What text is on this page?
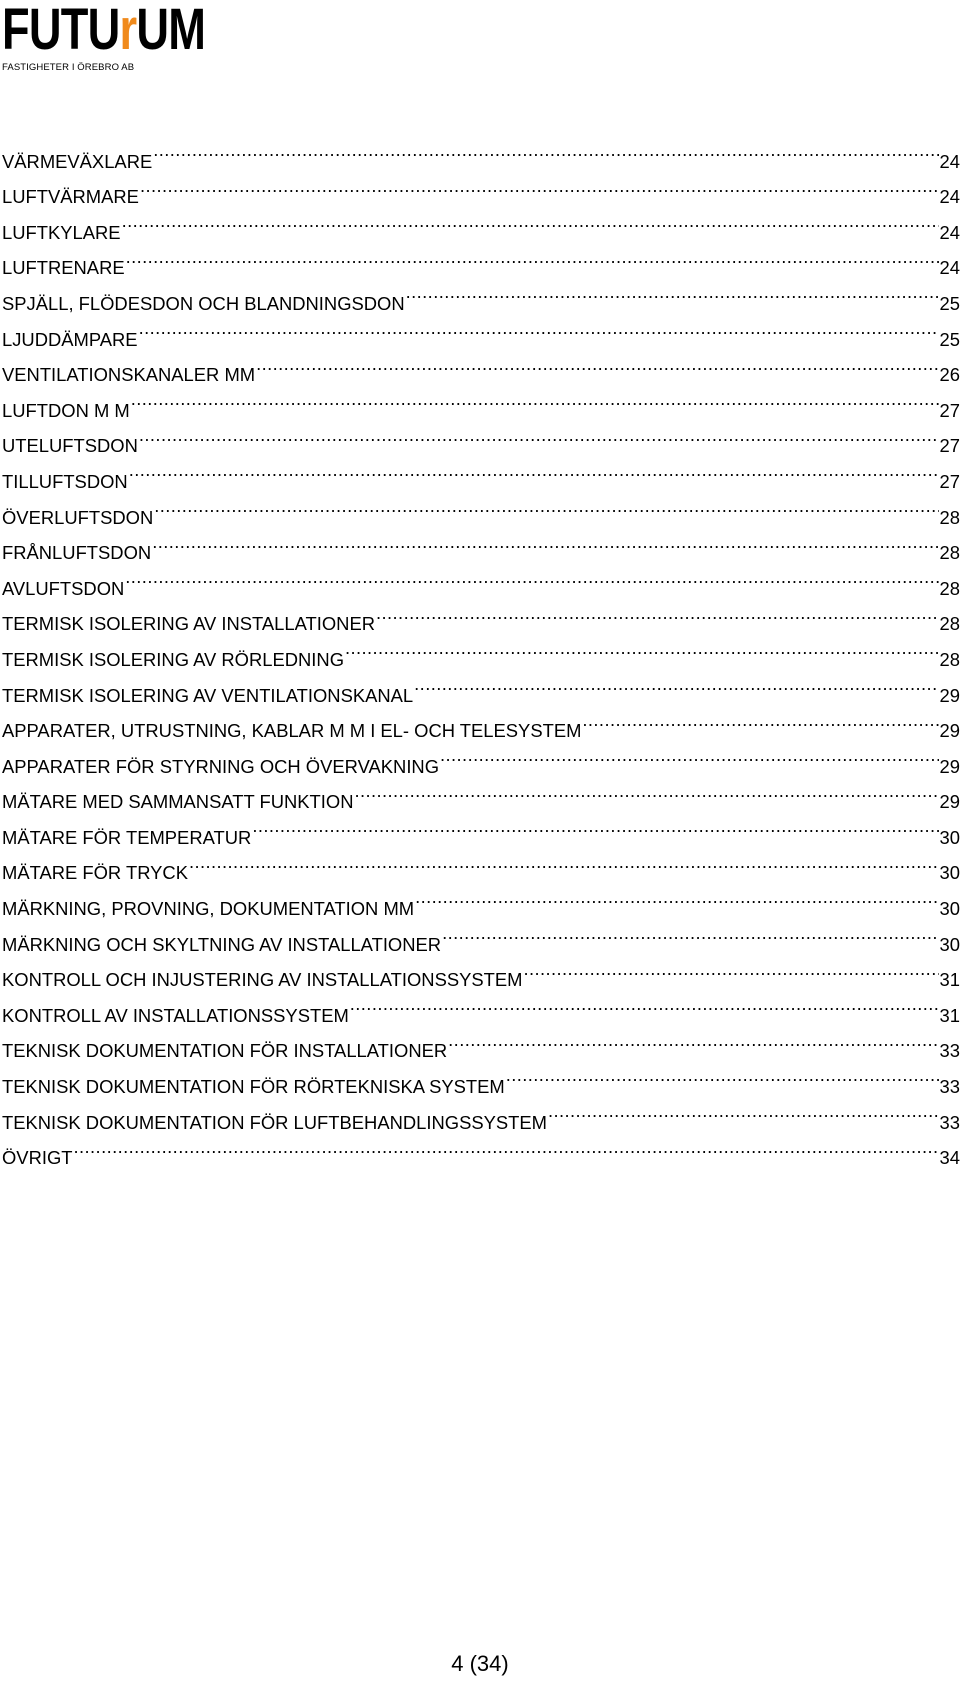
FUTU r UM
FASTIGHETER I ÖREBRO AB
VÄRMEVÄXLARE .....	24
LUFTVÄRMARE .....	24
LUFTKYLARE .....	24
LUFTRENARE .....	24
SPJÄLL, FLÖDESDON OCH BLANDNINGSDON .....	25
LJUDDÄMPARE .....	25
VENTILATIONSKANALER MM .....	26
LUFTDON M M .....	27
UTELUFTSDON .....	27
TILLUFTSDON .....	27
ÖVERLUFTSDON .....	28
FRÅNLUFTSDON .....	28
AVLUFTSDON .....	28
TERMISK ISOLERING AV INSTALLATIONER .....	28
TERMISK ISOLERING AV RÖRLEDNING .....	28
TERMISK ISOLERING AV VENTILATIONSKANAL .....	29
APPARATER, UTRUSTNING, KABLAR M M I EL- OCH TELESYSTEM .....	29
APPARATER FÖR STYRNING OCH ÖVERVAKNING .....	29
MÄTARE MED SAMMANSATT FUNKTION .....	29
MÄTARE FÖR TEMPERATUR .....	30
MÄTARE FÖR TRYCK .....	30
MÄRKNING, PROVNING, DOKUMENTATION MM .....	30
MÄRKNING OCH SKYLTNING AV INSTALLATIONER .....	30
KONTROLL OCH INJUSTERING AV INSTALLATIONSSYSTEM .....	31
KONTROLL AV INSTALLATIONSSYSTEM .....	31
TEKNISK DOKUMENTATION FÖR INSTALLATIONER .....	33
TEKNISK DOKUMENTATION FÖR RÖRTEKNISKA SYSTEM .....	33
TEKNISK DOKUMENTATION FÖR LUFTBEHANDLINGSSYSTEM .....	33
ÖVRIGT .....	34
4 (34)
